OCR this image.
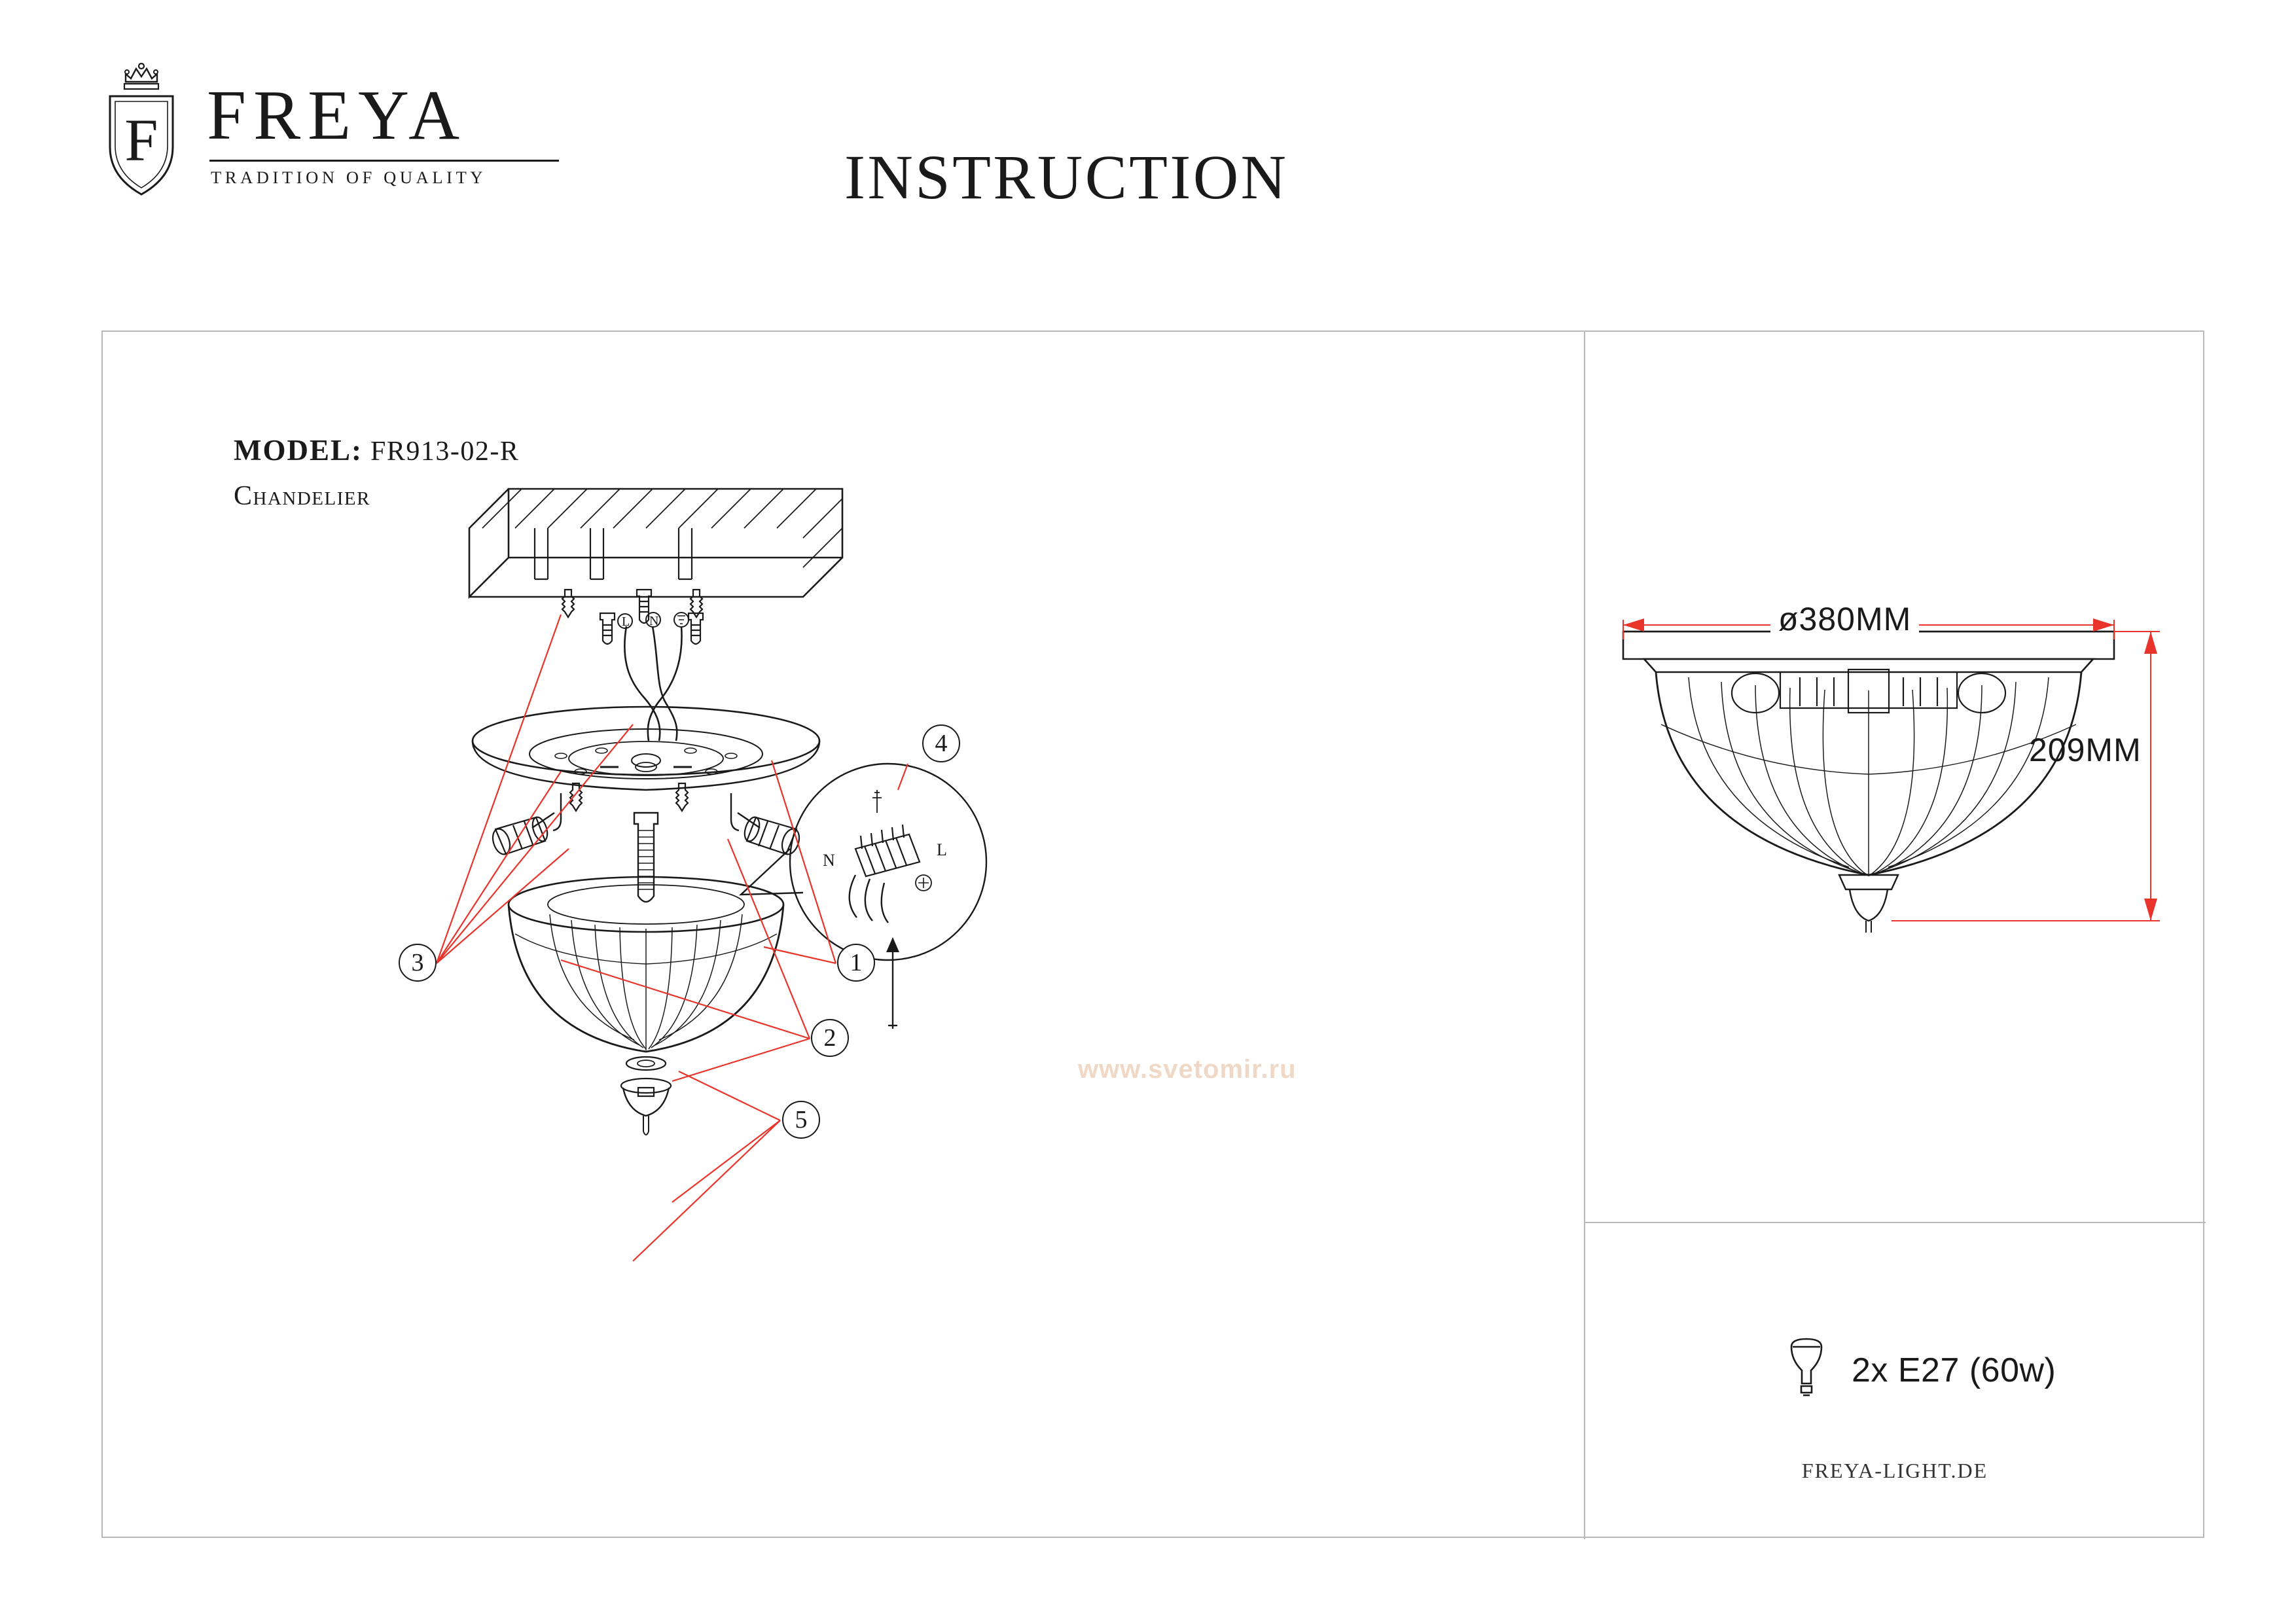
F FREYA
TRADITION OF QUALITY	INSTRUCTION
MODEL: FR913-02-R
Chandelier
L N
N
L
1
2
3
4
5
www.svetomir.ru
ø380MM
209MM
2x E27 (60w)
FREYA-LIGHT.DE
